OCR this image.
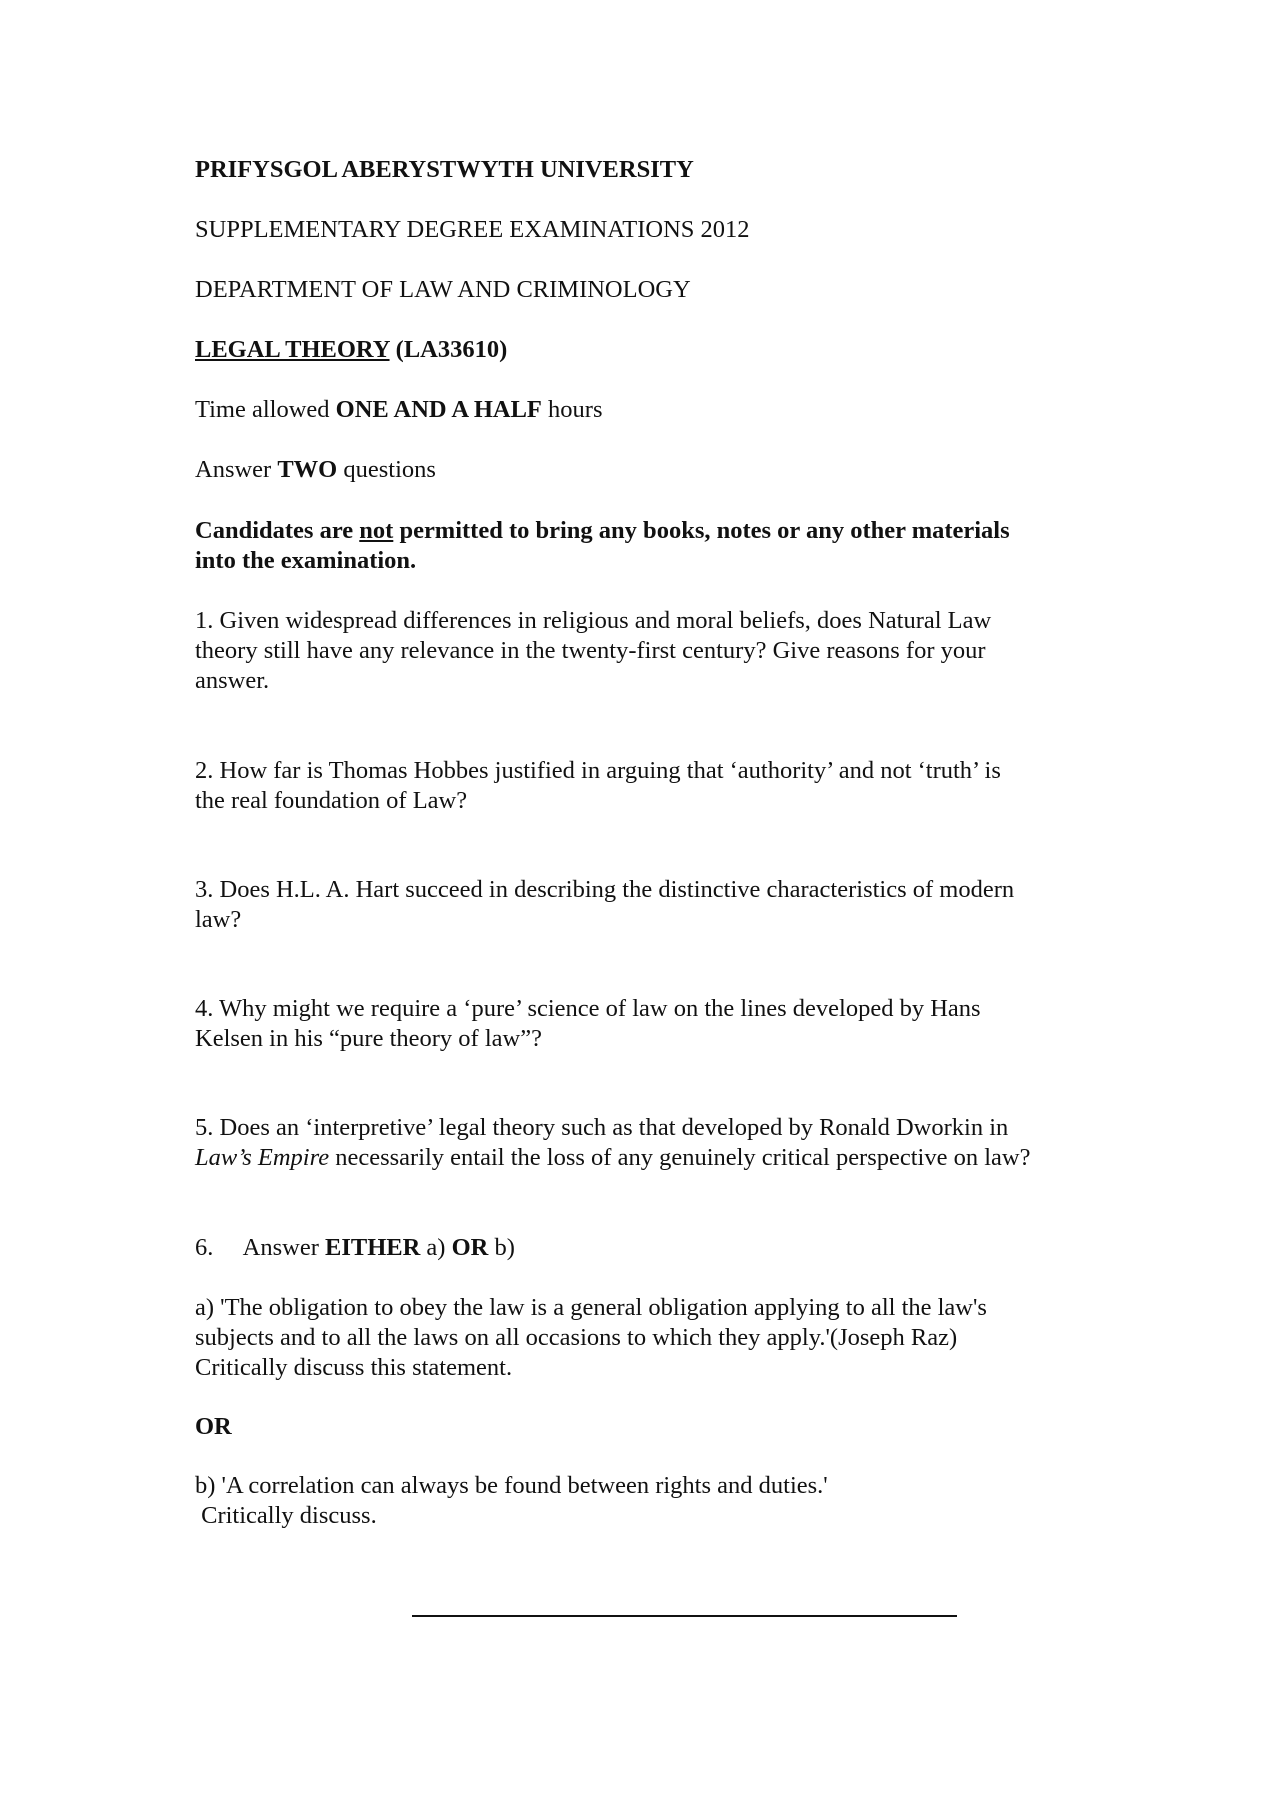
PRIFYSGOL ABERYSTWYTH UNIVERSITY

SUPPLEMENTARY DEGREE EXAMINATIONS 2012

DEPARTMENT OF LAW AND CRIMINOLOGY

LEGAL THEORY (LA33610)

Time allowed ONE AND A HALF hours

Answer TWO questions

Candidates are not permitted to bring any books, notes or any other materials

into the examination.

1. Given widespread differences in religious and moral beliefs, does Natural Law

theory still have any relevance in the twenty-first century? Give reasons for your

answer.

2. How far is Thomas Hobbes justified in arguing that ‘authority’ and not ‘truth’ is

the real foundation of Law?

3. Does H.L. A. Hart succeed in describing the distinctive characteristics of modern

law?

4. Why might we require a ‘pure’ science of law on the lines developed by Hans

Kelsen in his “pure theory of law”?

5. Does an ‘interpretive’ legal theory such as that developed by Ronald Dworkin in

Law’s Empire necessarily entail the loss of any genuinely critical perspective on law?

6.     Answer EITHER a) OR b)

a) 'The obligation to obey the law is a general obligation applying to all the law's

subjects and to all the laws on all occasions to which they apply.'(Joseph Raz)

Critically discuss this statement.

OR

b) 'A correlation can always be found between rights and duties.'

Critically discuss.
